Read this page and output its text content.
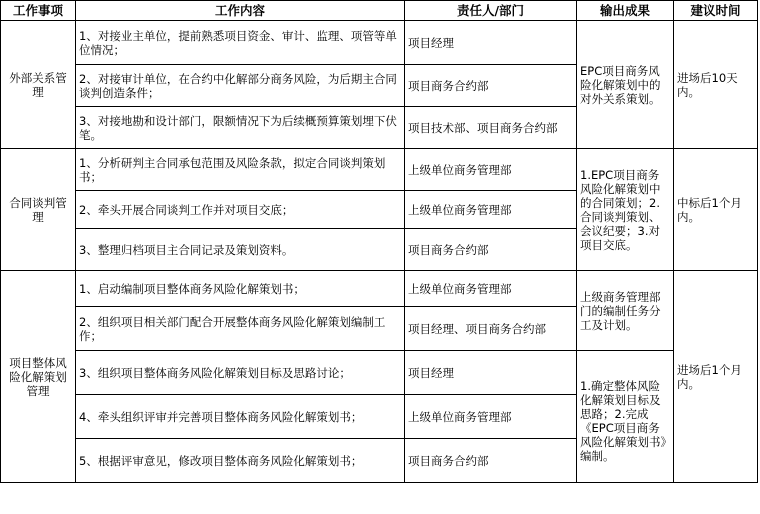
工作事项	工作内容	责任人/部门	输出成果	建议时间
外部关系管理	1、对接业主单位，提前熟悉项目资金、审计、监理、项管等单位情况；	项目经理	EPC项目商务风险化解策划中的对外关系策划。	进场后10天内。
	2、对接审计单位，在合约中化解部分商务风险，为后期主合同谈判创造条件；	项目商务合约部		
	3、对接地勘和设计部门，限额情况下为后续概预算策划埋下伏笔。	项目技术部、项目商务合约部		
合同谈判管理	1、分析研判主合同承包范围及风险条款，拟定合同谈判策划书；	上级单位商务管理部	1.EPC项目商务风险化解策划中的合同策划；2.合同谈判策划、会议纪要；3.对项目交底。	中标后1个月内。
	2、牵头开展合同谈判工作并对项目交底；	上级单位商务管理部		
	3、整理归档项目主合同记录及策划资料。	项目商务合约部		
项目整体风险化解策划管理	1、启动编制项目整体商务风险化解策划书；	上级单位商务管理部	上级商务管理部门的编制任务分工及计划。	进场后1个月内。
	2、组织项目相关部门配合开展整体商务风险化解策划编制工作；	项目经理、项目商务合约部		
	3、组织项目整体商务风险化解策划目标及思路讨论；	项目经理	1.确定整体风险化解策划目标及思路；2.完成《EPC项目商务风险化解策划书》编制。	

	4、牵头组织评审并完善项目整体商务风险化解策划书；	上级单位商务管理部		
	5、根据评审意见，修改项目整体商务风险化解策划书；	项目商务合约部		
